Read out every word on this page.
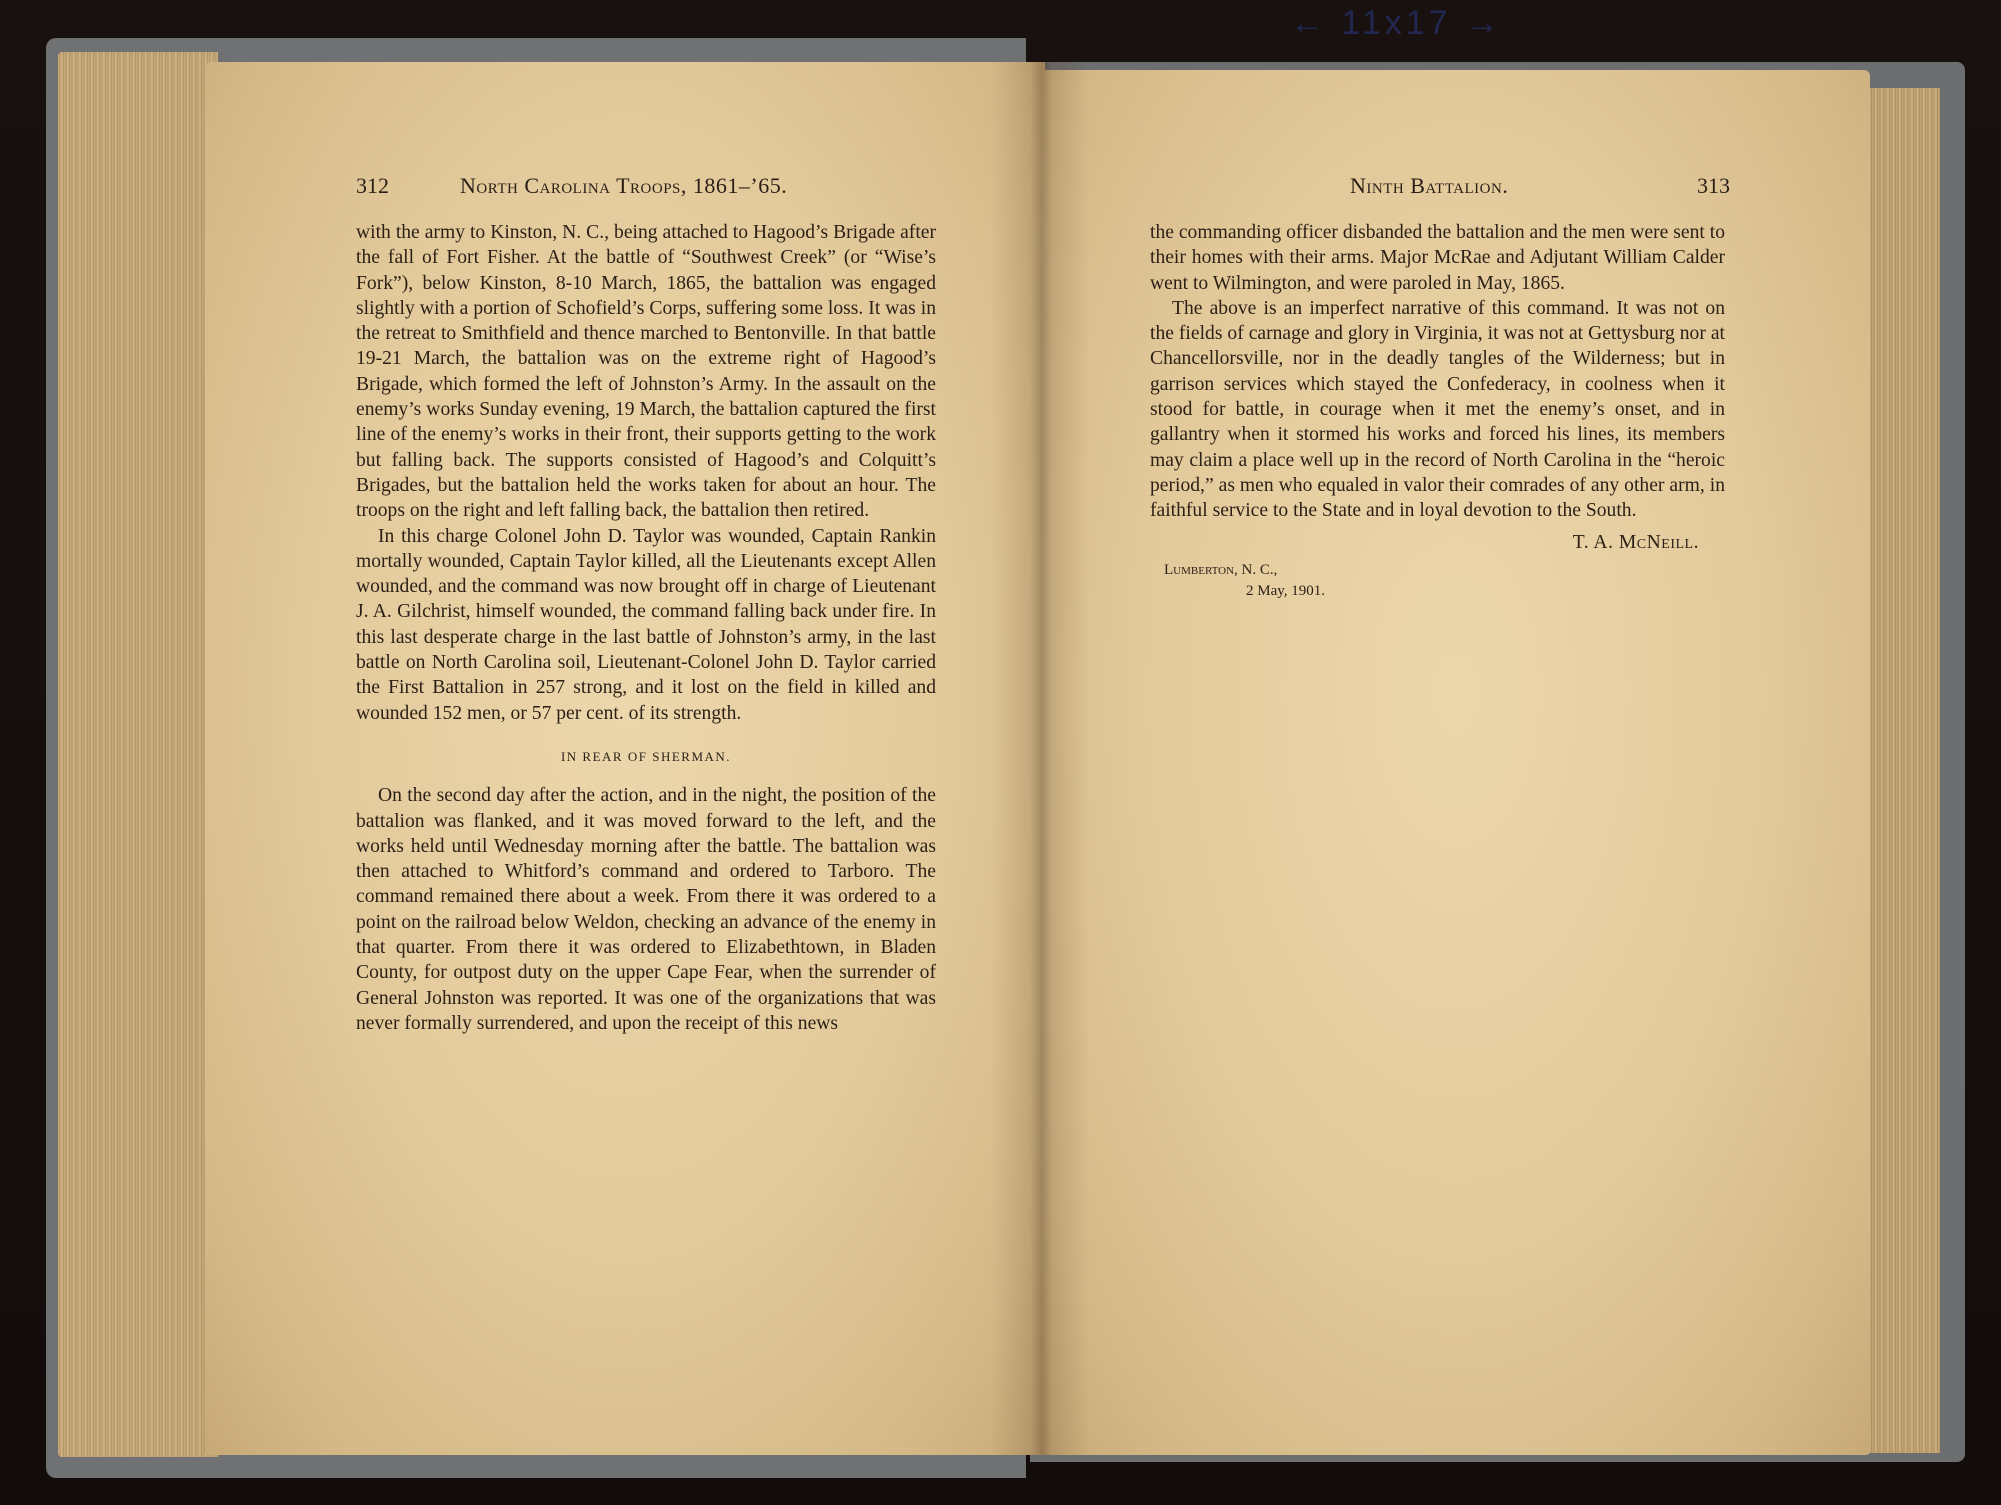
← 11x17 →
312	North Carolina Troops, 1861–’65.

with the army to Kinston, N. C., being attached to Hagood’s Brigade after the fall of Fort Fisher. At the battle of “Southwest Creek” (or “Wise’s Fork”), below Kinston, 8-10 March, 1865, the battalion was engaged slightly with a portion of Schofield’s Corps, suffering some loss. It was in the retreat to Smithfield and thence marched to Bentonville. In that battle 19-21 March, the battalion was on the extreme right of Hagood’s Brigade, which formed the left of Johnston’s Army. In the assault on the enemy’s works Sunday evening, 19 March, the battalion captured the first line of the enemy’s works in their front, their supports getting to the work but falling back. The supports consisted of Hagood’s and Colquitt’s Brigades, but the battalion held the works taken for about an hour. The troops on the right and left falling back, the battalion then retired.

In this charge Colonel John D. Taylor was wounded, Captain Rankin mortally wounded, Captain Taylor killed, all the Lieutenants except Allen wounded, and the command was now brought off in charge of Lieutenant J. A. Gilchrist, himself wounded, the command falling back under fire. In this last desperate charge in the last battle of Johnston’s army, in the last battle on North Carolina soil, Lieutenant-Colonel John D. Taylor carried the First Battalion in 257 strong, and it lost on the field in killed and wounded 152 men, or 57 per cent. of its strength.

IN REAR OF SHERMAN.

On the second day after the action, and in the night, the position of the battalion was flanked, and it was moved forward to the left, and the works held until Wednesday morning after the battle. The battalion was then attached to Whitford’s command and ordered to Tarboro. The command remained there about a week. From there it was ordered to a point on the railroad below Weldon, checking an advance of the enemy in that quarter. From there it was ordered to Elizabethtown, in Bladen County, for outpost duty on the upper Cape Fear, when the surrender of General Johnston was reported. It was one of the organizations that was never formally surrendered, and upon the receipt of this news

Ninth Battalion.	313

the commanding officer disbanded the battalion and the men were sent to their homes with their arms. Major McRae and Adjutant William Calder went to Wilmington, and were paroled in May, 1865.

The above is an imperfect narrative of this command. It was not on the fields of carnage and glory in Virginia, it was not at Gettysburg nor at Chancellorsville, nor in the deadly tangles of the Wilderness; but in garrison services which stayed the Confederacy, in coolness when it stood for battle, in courage when it met the enemy’s onset, and in gallantry when it stormed his works and forced his lines, its members may claim a place well up in the record of North Carolina in the “heroic period,” as men who equaled in valor their comrades of any other arm, in faithful service to the State and in loyal devotion to the South.

T. A. McNeill.
Lumberton, N. C.,
2 May, 1901.
